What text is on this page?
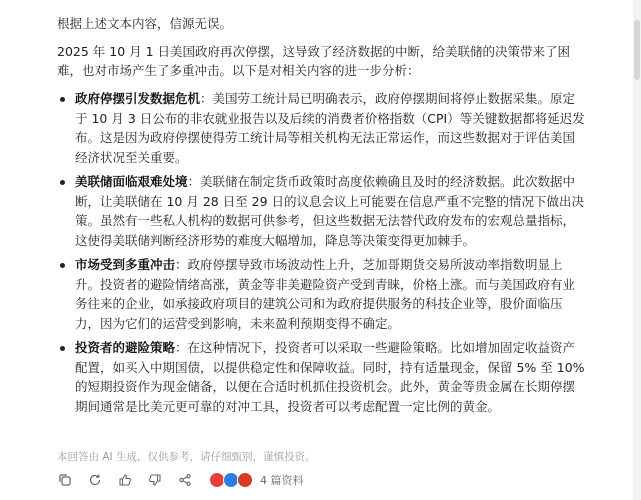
根据上述文本内容，信源无误。

2025 年 10 月 1 日美国政府再次停摆，这导致了经济数据的中断，给美联储的决策带来了困难，也对市场产生了多重冲击。以下是对相关内容的进一步分析：

政府停摆引发数据危机：美国劳工统计局已明确表示，政府停摆期间将停止数据采集。原定于 10 月 3 日公布的非农就业报告以及后续的消费者价格指数（CPI）等关键数据都将延迟发布。这是因为政府停摆使得劳工统计局等相关机构无法正常运作，而这些数据对于评估美国经济状况至关重要。
美联储面临艰难处境：美联储在制定货币政策时高度依赖确且及时的经济数据。此次数据中断，让美联储在 10 月 28 日至 29 日的议息会议上可能要在信息严重不完整的情况下做出决策。虽然有一些私人机构的数据可供参考，但这些数据无法替代政府发布的宏观总量指标，这使得美联储判断经济形势的难度大幅增加，降息等决策变得更加棘手。
市场受到多重冲击：政府停摆导致市场波动性上升，芝加哥期货交易所波动率指数明显上升。投资者的避险情绪高涨，黄金等非美避险资产受到青睐，价格上涨。而与美国政府有业务往来的企业，如承接政府项目的建筑公司和为政府提供服务的科技企业等，股价面临压力，因为它们的运营受到影响，未来盈利预期变得不确定。
投资者的避险策略：在这种情况下，投资者可以采取一些避险策略。比如增加固定收益资产配置，如买入中期国债，以提供稳定性和保障收益。同时，持有适量现金，保留 5% 至 10% 的短期投资作为现金储备，以便在合适时机抓住投资机会。此外，黄金等贵金属在长期停摆期间通常是比美元更可靠的对冲工具，投资者可以考虑配置一定比例的黄金。
本回答由 AI 生成，仅供参考，请仔细甄别，谨慎投资。
4 篇资料
